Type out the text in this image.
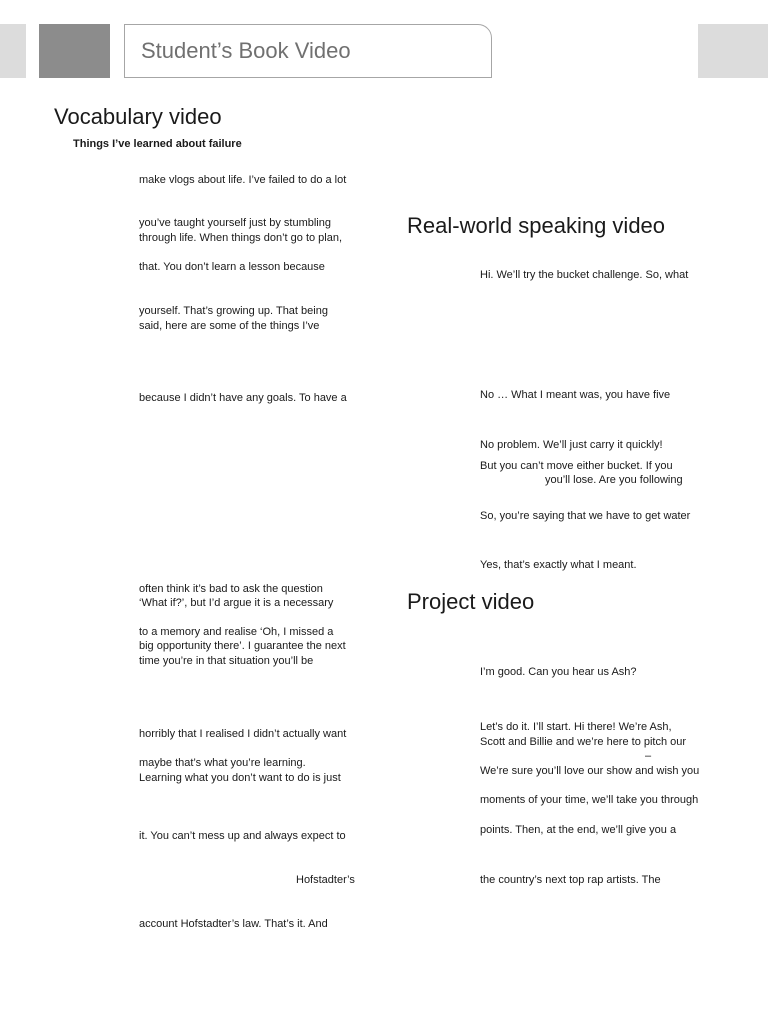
Student’s Book Video
Vocabulary video
Things I’ve learned about failure
make vlogs about life. I’ve failed to do a lot
you’ve taught yourself just by stumbling
through life. When things don’t go to plan,
that. You don’t learn a lesson because
yourself. That’s growing up. That being
said, here are some of the things I’ve
because I didn’t have any goals. To have a
often think it’s bad to ask the question
‘What if?’, but I’d argue it is a necessary
to a memory and realise ‘Oh, I missed a
big opportunity there’. I guarantee the next
time you’re in that situation you’ll be
horribly that I realised I didn’t actually want
maybe that’s what you’re learning.
Learning what you don’t want to do is just
it. You can’t mess up and always expect to
Hofstadter’s
account Hofstadter’s law. That’s it. And
Real-world speaking video
Hi. We’ll try the bucket challenge. So, what
No … What I meant was, you have five
No problem. We’ll just carry it quickly!
But you can’t move either bucket. If you
you’ll lose. Are you following
So, you’re saying that we have to get water
Yes, that’s exactly what I meant.
Project video
I’m good. Can you hear us Ash?
Let’s do it. I’ll start. Hi there! We’re Ash,
Scott and Billie and we’re here to pitch our
–
We’re sure you’ll love our show and wish you
moments of your time, we’ll take you through
points. Then, at the end, we’ll give you a
the country’s next top rap artists. The
